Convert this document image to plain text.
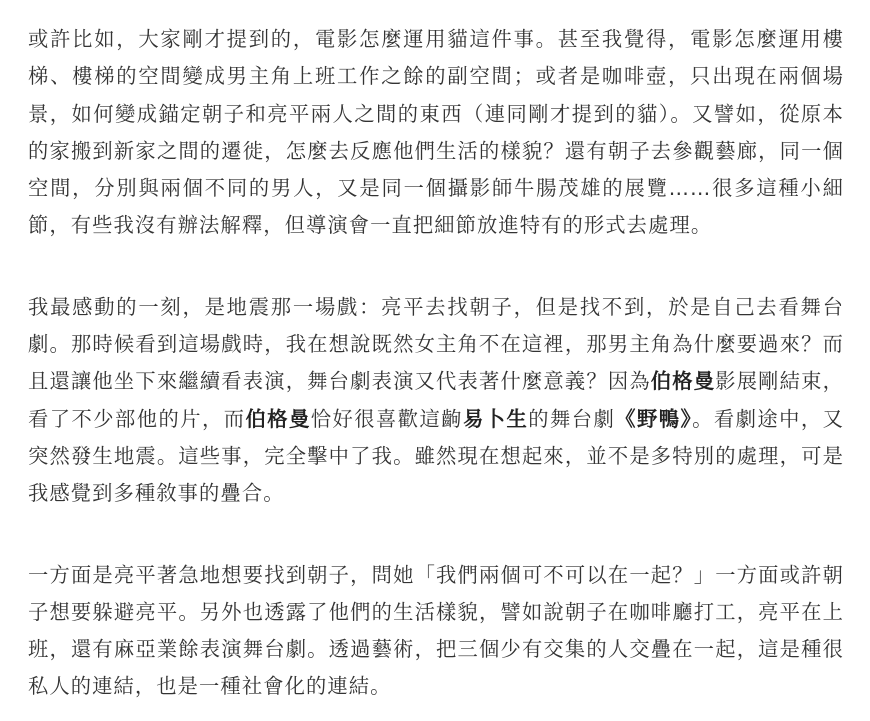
或許比如，大家剛才提到的，電影怎麼運用貓這件事。甚至我覺得，電影怎麼運用樓梯、樓梯的空間變成男主角上班工作之餘的副空間；或者是咖啡壺，只出現在兩個場景，如何變成錨定朝子和亮平兩人之間的東西（連同剛才提到的貓）。又譬如，從原本的家搬到新家之間的遷徙，怎麼去反應他們生活的樣貌？還有朝子去參觀藝廊，同一個空間，分別與兩個不同的男人，又是同一個攝影師牛腸茂雄的展覽……很多這種小細節，有些我沒有辦法解釋，但導演會一直把細節放進特有的形式去處理。

我最感動的一刻，是地震那一場戲：亮平去找朝子，但是找不到，於是自己去看舞台劇。那時候看到這場戲時，我在想說既然女主角不在這裡，那男主角為什麼要過來？而且還讓他坐下來繼續看表演，舞台劇表演又代表著什麼意義？因為伯格曼影展剛結束，看了不少部他的片，而伯格曼恰好很喜歡這齣易卜生的舞台劇《野鴨》。看劇途中，又突然發生地震。這些事，完全擊中了我。雖然現在想起來，並不是多特別的處理，可是我感覺到多種敘事的疊合。

一方面是亮平著急地想要找到朝子，問她「我們兩個可不可以在一起？」一方面或許朝子想要躲避亮平。另外也透露了他們的生活樣貌，譬如說朝子在咖啡廳打工，亮平在上班，還有麻亞業餘表演舞台劇。透過藝術，把三個少有交集的人交疊在一起，這是種很私人的連結，也是一種社會化的連結。
